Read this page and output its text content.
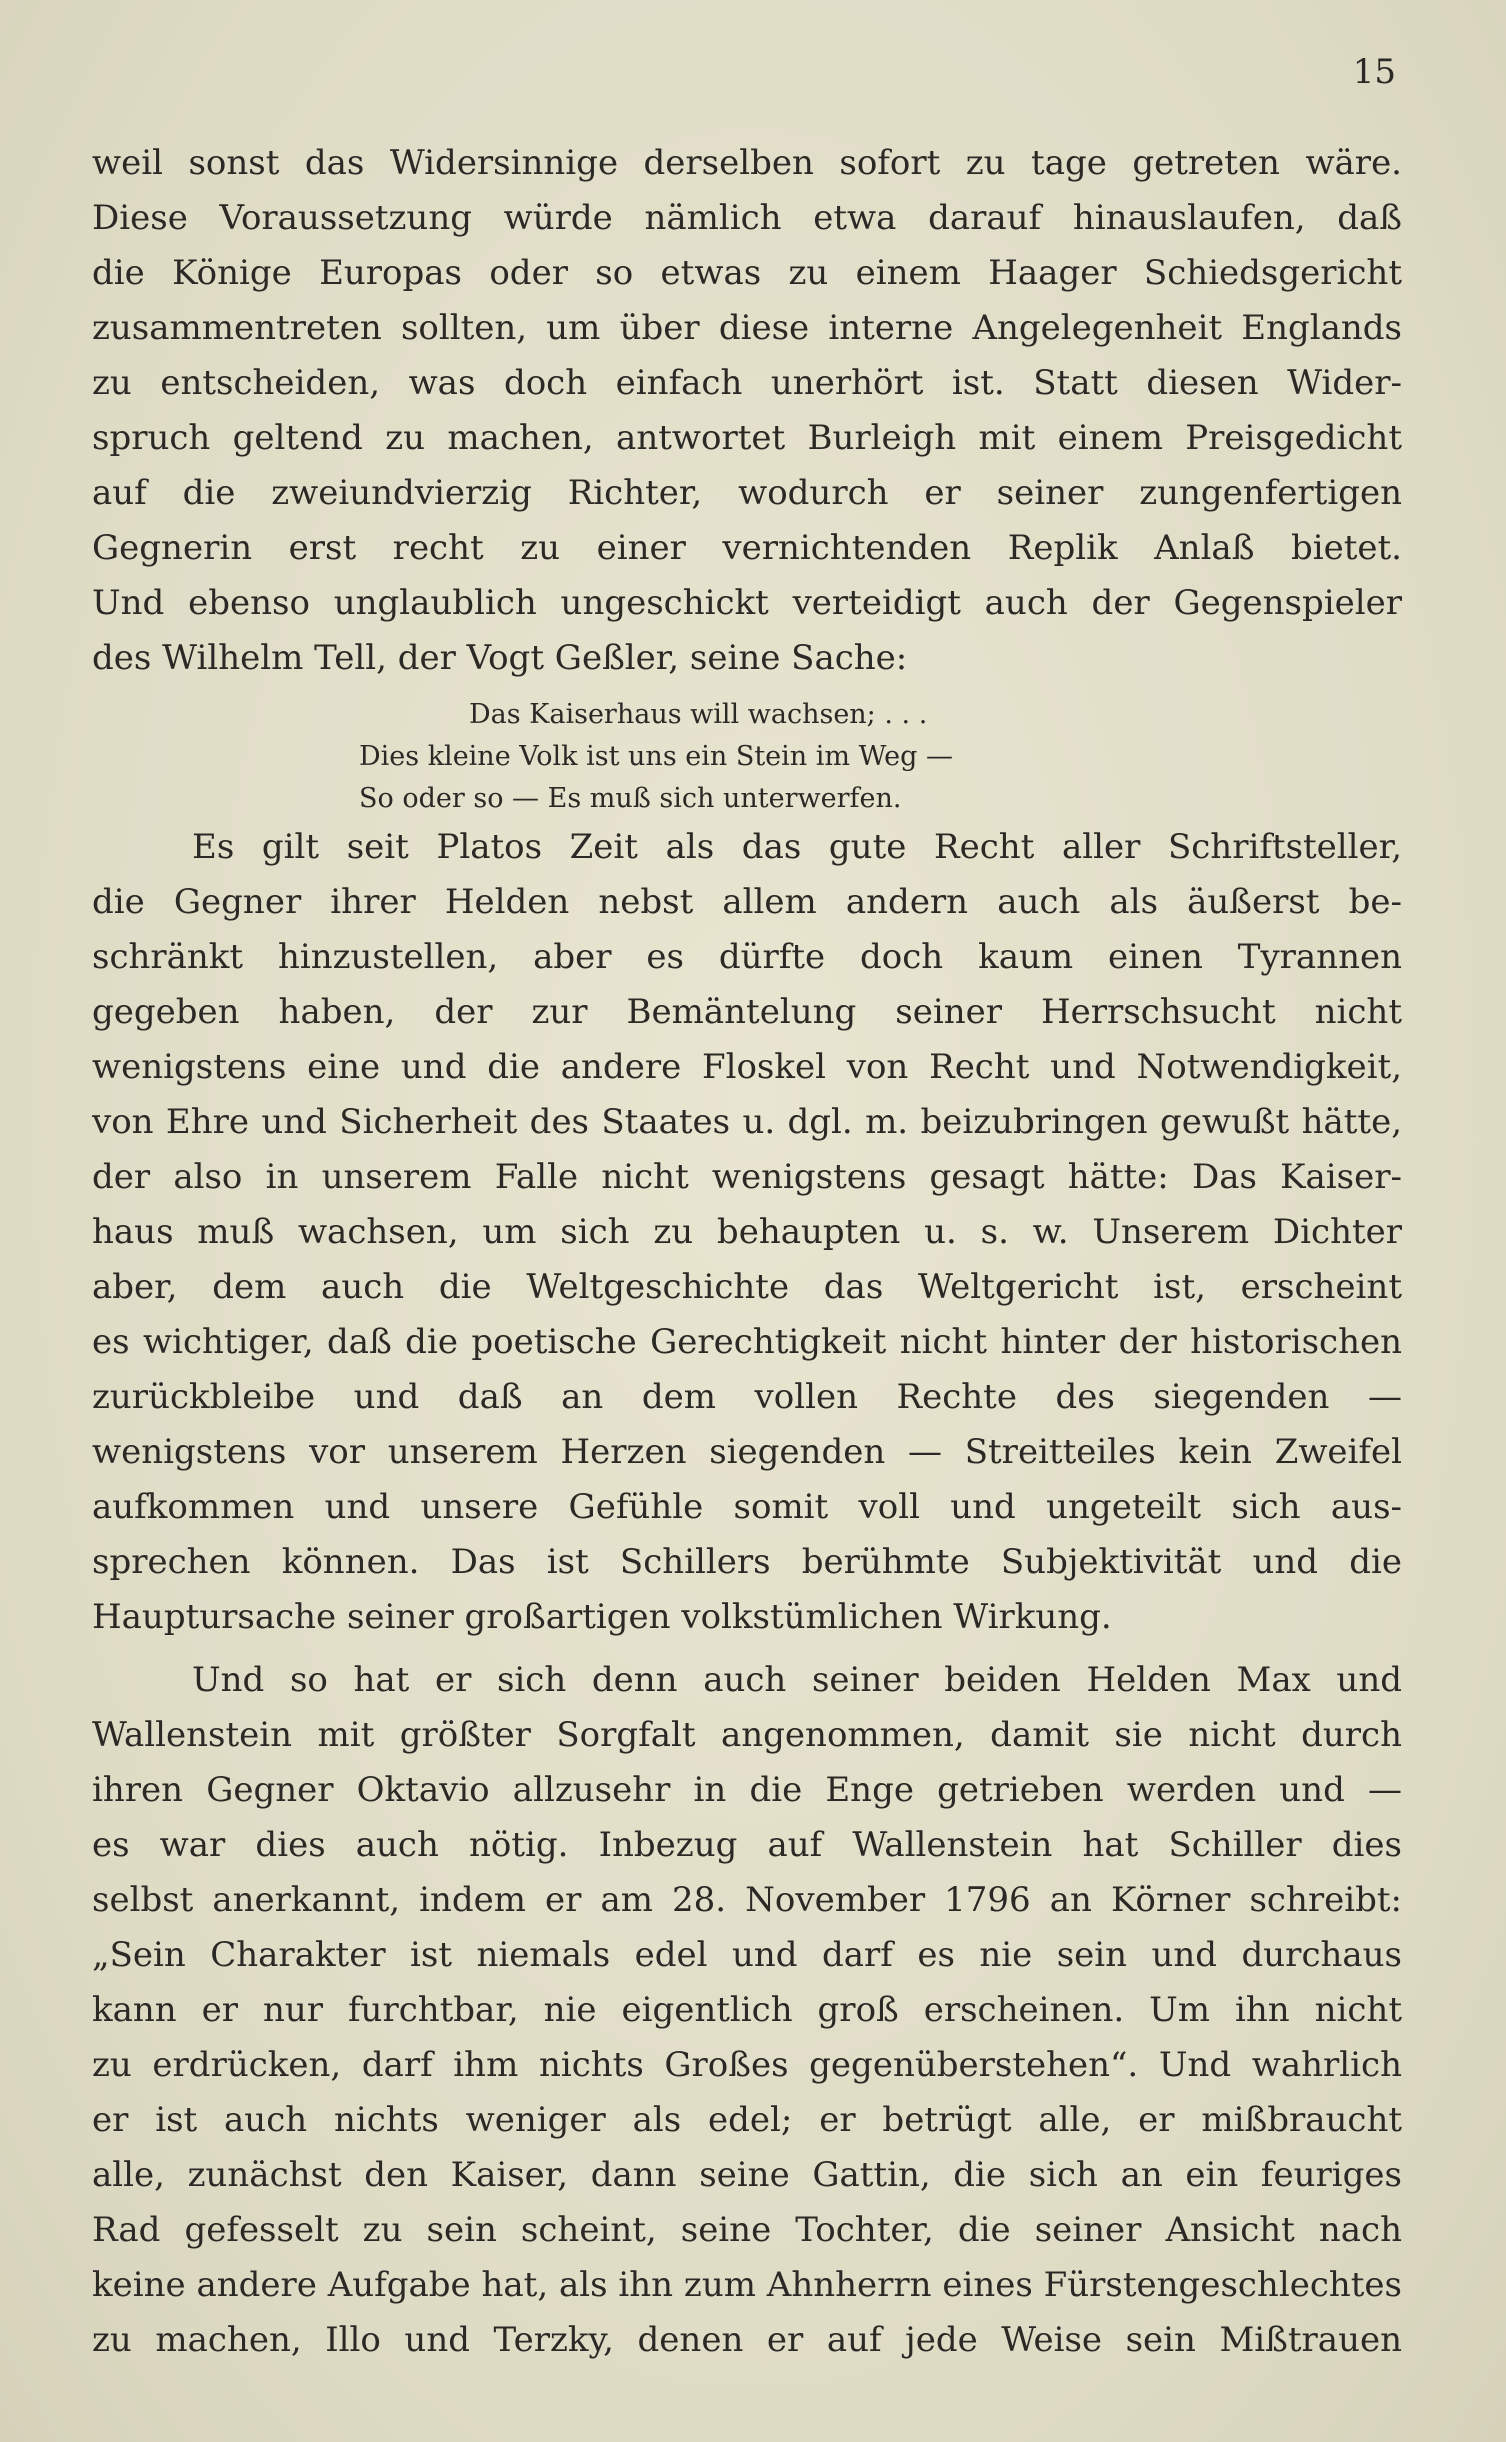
15
weil sonst das Widersinnige derselben sofort zu tage getreten wäre.
Diese Voraussetzung würde nämlich etwa darauf hinauslaufen, daß
die Könige Europas oder so etwas zu einem Haager Schiedsgericht
zusammentreten sollten, um über diese interne Angelegenheit Englands
zu entscheiden, was doch einfach unerhört ist. Statt diesen Wider-
spruch geltend zu machen, antwortet Burleigh mit einem Preisgedicht
auf die zweiundvierzig Richter, wodurch er seiner zungenfertigen
Gegnerin erst recht zu einer vernichtenden Replik Anlaß bietet.
Und ebenso unglaublich ungeschickt verteidigt auch der Gegenspieler
des Wilhelm Tell, der Vogt Geßler, seine Sache:
Das Kaiserhaus will wachsen; . . .
Dies kleine Volk ist uns ein Stein im Weg —
So oder so — Es muß sich unterwerfen.
Es gilt seit Platos Zeit als das gute Recht aller Schriftsteller,
die Gegner ihrer Helden nebst allem andern auch als äußerst be-
schränkt hinzustellen, aber es dürfte doch kaum einen Tyrannen
gegeben haben, der zur Bemäntelung seiner Herrschsucht nicht
wenigstens eine und die andere Floskel von Recht und Notwendigkeit,
von Ehre und Sicherheit des Staates u. dgl. m. beizubringen gewußt hätte,
der also in unserem Falle nicht wenigstens gesagt hätte: Das Kaiser-
haus muß wachsen, um sich zu behaupten u. s. w. Unserem Dichter
aber, dem auch die Weltgeschichte das Weltgericht ist, erscheint
es wichtiger, daß die poetische Gerechtigkeit nicht hinter der historischen
zurückbleibe und daß an dem vollen Rechte des siegenden —
wenigstens vor unserem Herzen siegenden — Streitteiles kein Zweifel
aufkommen und unsere Gefühle somit voll und ungeteilt sich aus-
sprechen können. Das ist Schillers berühmte Subjektivität und die
Hauptursache seiner großartigen volkstümlichen Wirkung.
Und so hat er sich denn auch seiner beiden Helden Max und
Wallenstein mit größter Sorgfalt angenommen, damit sie nicht durch
ihren Gegner Oktavio allzusehr in die Enge getrieben werden und —
es war dies auch nötig. Inbezug auf Wallenstein hat Schiller dies
selbst anerkannt, indem er am 28. November 1796 an Körner schreibt:
„Sein Charakter ist niemals edel und darf es nie sein und durchaus
kann er nur furchtbar, nie eigentlich groß erscheinen. Um ihn nicht
zu erdrücken, darf ihm nichts Großes gegenüberstehen“. Und wahrlich
er ist auch nichts weniger als edel; er betrügt alle, er mißbraucht
alle, zunächst den Kaiser, dann seine Gattin, die sich an ein feuriges
Rad gefesselt zu sein scheint, seine Tochter, die seiner Ansicht nach
keine andere Aufgabe hat, als ihn zum Ahnherrn eines Fürstengeschlechtes
zu machen, Illo und Terzky, denen er auf jede Weise sein Mißtrauen
